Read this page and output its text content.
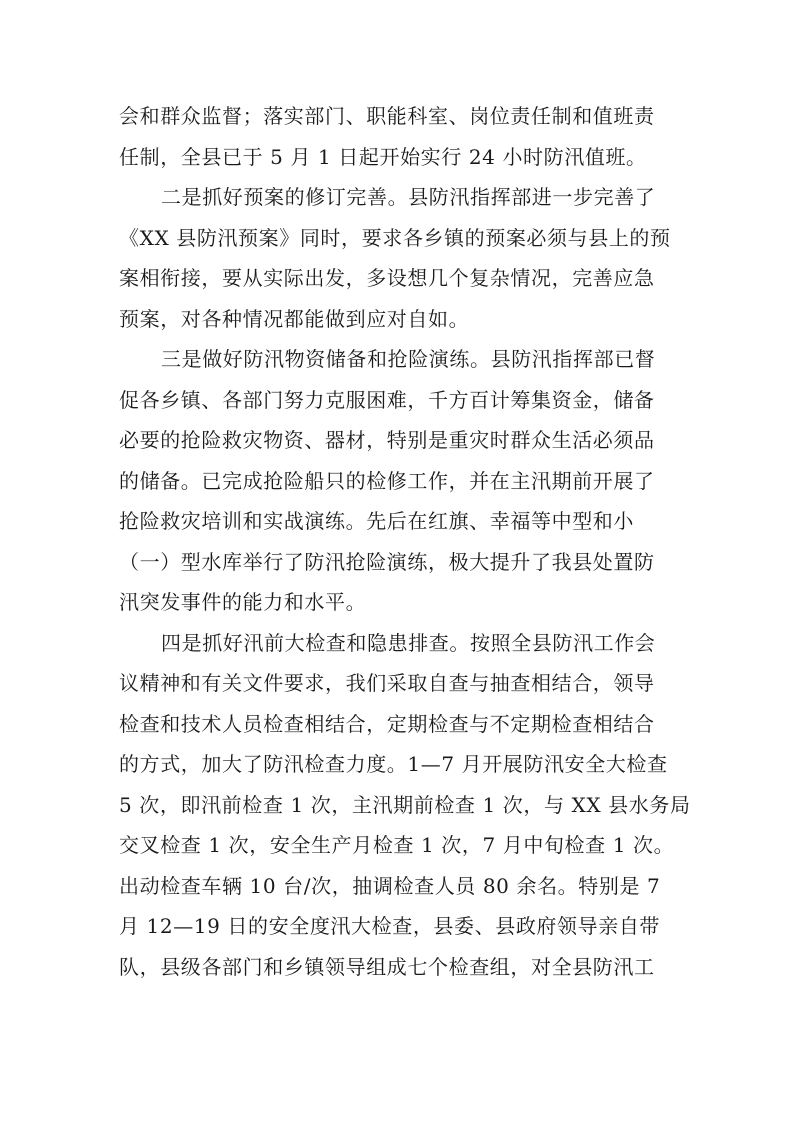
会和群众监督；落实部门、职能科室、岗位责任制和值班责
任制，全县已于 5 月 1 日起开始实行 24 小时防汛值班。
二是抓好预案的修订完善。县防汛指挥部进一步完善了
《XX 县防汛预案》同时，要求各乡镇的预案必须与县上的预
案相衔接，要从实际出发，多设想几个复杂情况，完善应急
预案，对各种情况都能做到应对自如。
三是做好防汛物资储备和抢险演练。县防汛指挥部已督
促各乡镇、各部门努力克服困难，千方百计筹集资金，储备
必要的抢险救灾物资、器材，特别是重灾时群众生活必须品
的储备。已完成抢险船只的检修工作，并在主汛期前开展了
抢险救灾培训和实战演练。先后在红旗、幸福等中型和小
（一）型水库举行了防汛抢险演练，极大提升了我县处置防
汛突发事件的能力和水平。
四是抓好汛前大检查和隐患排查。按照全县防汛工作会
议精神和有关文件要求，我们采取自查与抽查相结合，领导
检查和技术人员检查相结合，定期检查与不定期检查相结合
的方式，加大了防汛检查力度。1—7 月开展防汛安全大检查
5 次，即汛前检查 1 次，主汛期前检查 1 次，与 XX 县水务局
交叉检查 1 次，安全生产月检查 1 次，7 月中旬检查 1 次。
出动检查车辆 10 台/次，抽调检查人员 80 余名。特别是 7
月 12—19 日的安全度汛大检查，县委、县政府领导亲自带
队，县级各部门和乡镇领导组成七个检查组，对全县防汛工
